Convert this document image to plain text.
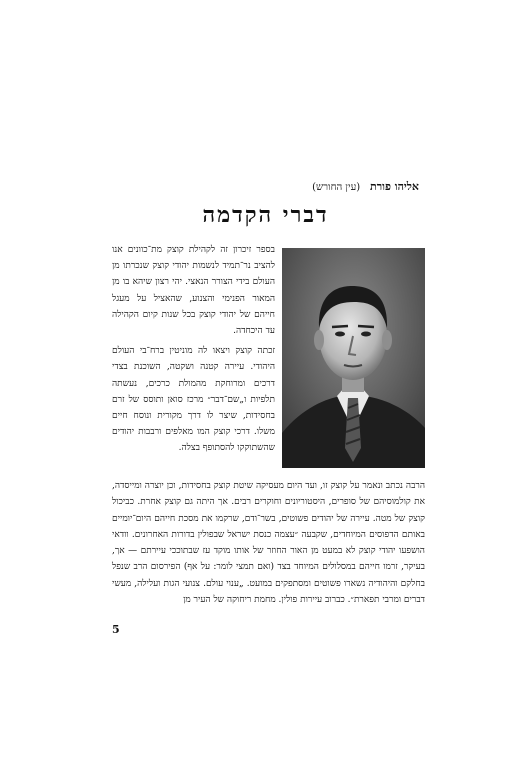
אליהו פורת (עין החורש)
דברי הקדמה

בספר זיכרון זה לקהילת קוצק מת־כוונים אנו להציב נר־תמיד לנשמות יהודי קוצק שנכרתו מן העולם בידי הצורר הנאצי. יהי רצון שיהא בו מן המאור הפנימי והצנוע, שהאציל על מעגל חייהם של יהודי קוצק בכל שנות קיום הקהילה עד היכחדה.

זכתה קוצק ויצאו לה מוניטין ברח־בי העולם היהודי. עיירה קטנה ושקטה, השוכנת בצדי דרכים ומרוחקת מהמולת כרכים, נעשתה תלפיות ו„שם־דבר״ מרכז סואן ותוסס של זרם בחסידות, שיצר לו דרך מקורית ונוסח חיים משלו. דרכי קוצק המו מאלפים ורבבות יהודים שהשתוקקו להסתופף בצלה.

הרבה נכתב ונאמר על קוצק זו, ועד היום מעסיקה שיטת קוצק בחסידות, וכן יוצרה ומייסדה, את קולמוסיהם של סופרים, היסטוריונים וחוקרים רבים. אך היתה גם קוצק אחרת. כביכול קוצק של מטה. עיירה של יהודים פשוטים, בשר־ודם, שרקמו את מסכת חייהם היום־יומיים באותם הדפוסים המיוחדים, שקבעה ״עצמה כנסת ישראל שבפולין בדורות האחרונים. וודאי הושפעו יהודי קוצק לא במעט מן האור החוזר של אותו מוקד עז שבתוככי עיירתם — אך, בעיקר, זרמו חייהם במסלולים המיוחד בצד (ואם תמצי לומר: על אף) הפירסום הרב שנפל בחלקם והיהודיה נשארו פשוטים ומסתפקים במועט. „ענוי עולם. צנועי הגות ועלילה, מעשי דברים ומרבי תפארת״. כברוב עיירות פולין. מחמת ריחוקה של העיר מן
5
